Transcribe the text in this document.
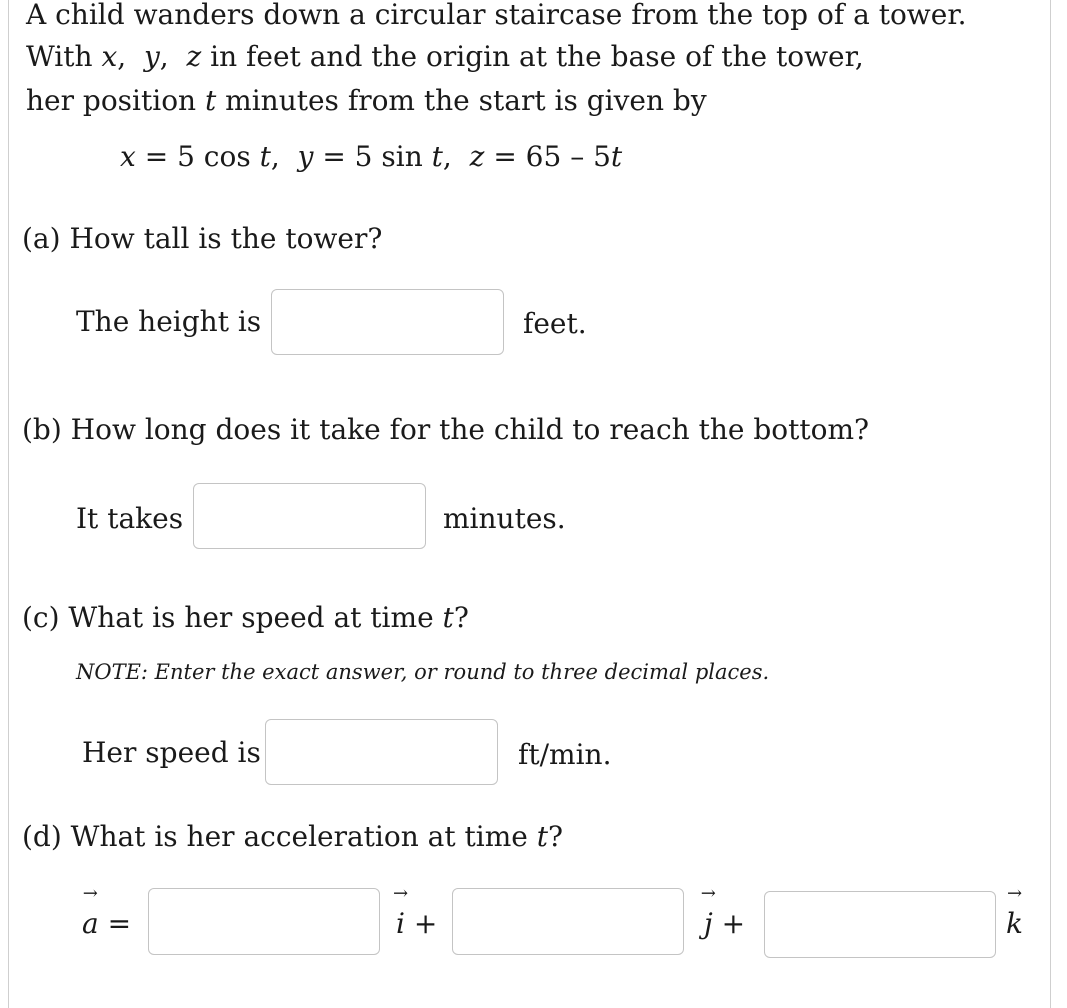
A child wanders down a circular staircase from the top of a tower.
With x, y, z in feet and the origin at the base of the tower,
her position t minutes from the start is given by
x = 5 cos t, y = 5 sin t, z = 65 – 5t
(a) How tall is the tower?
The height is	feet.
(b) How long does it take for the child to reach the bottom?
It takes	minutes.
(c) What is her speed at time t?
NOTE: Enter the exact answer, or round to three decimal places.
Her speed is	ft/min.
(d) What is her acceleration at time t?
→
a =
→
i +
→
j +
→
k
